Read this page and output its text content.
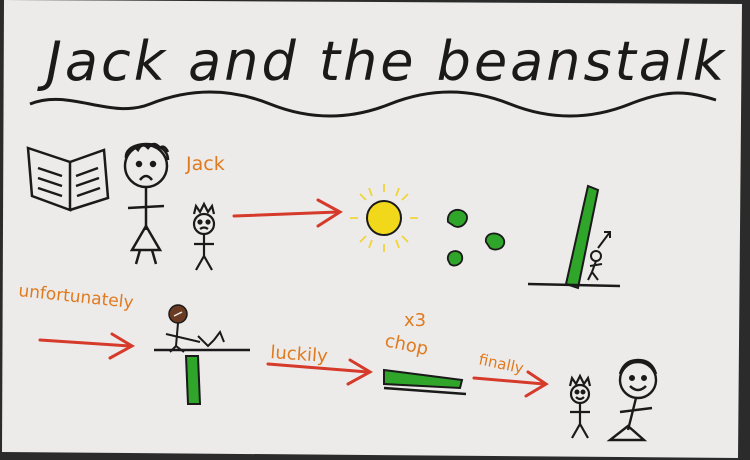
Jack and the beanstalk
Jack
unfortunately
luckily	chop
x3
finally
